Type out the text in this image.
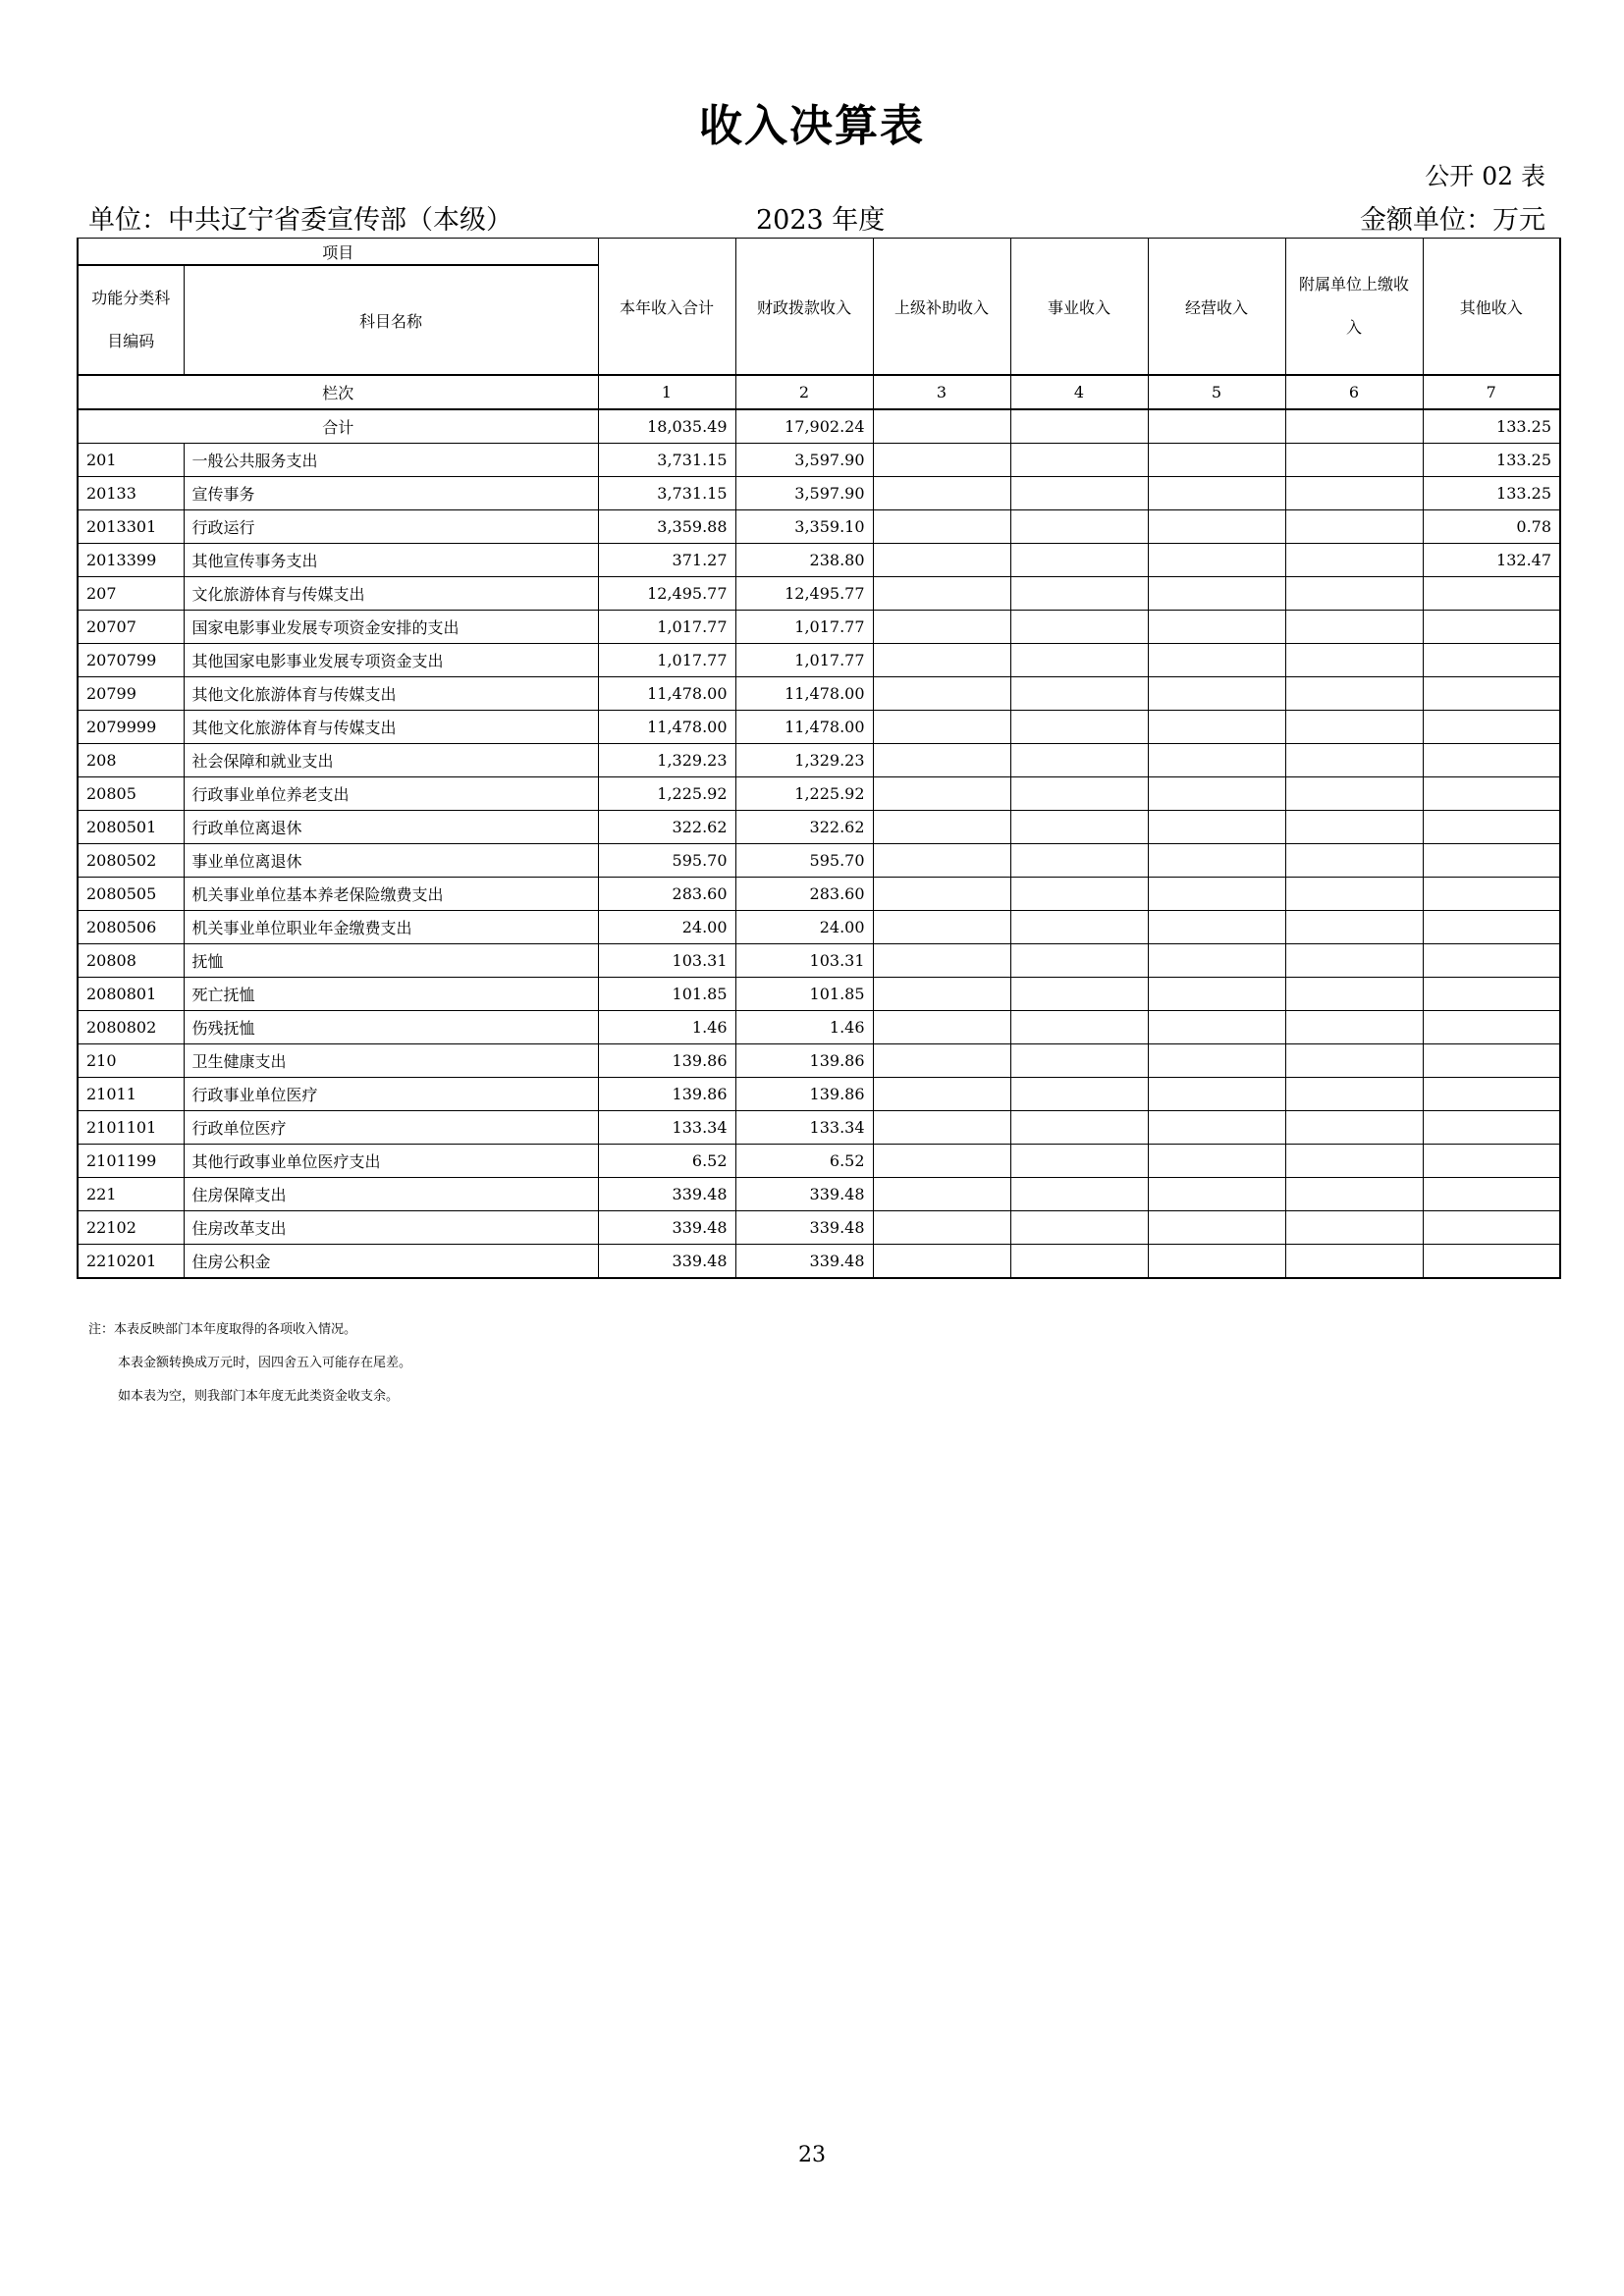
收入决算表
公开 02 表
单位：中共辽宁省委宣传部（本级）	2023 年度	金额单位：万元
项目		本年收入合计	财政拨款收入	上级补助收入	事业收入	经营收入	附属单位上缴收
入	其他收入

功能分类科
目编码	科目名称							
栏次		1	2	3	4	5	6	7
合计		18,035.49	17,902.24					133.25
201	一般公共服务支出	3,731.15	3,597.90					133.25
20133	宣传事务	3,731.15	3,597.90					133.25
2013301	行政运行	3,359.88	3,359.10					0.78
2013399	其他宣传事务支出	371.27	238.80					132.47
207	文化旅游体育与传媒支出	12,495.77	12,495.77					
20707	国家电影事业发展专项资金安排的支出	1,017.77	1,017.77					
2070799	其他国家电影事业发展专项资金支出	1,017.77	1,017.77					
20799	其他文化旅游体育与传媒支出	11,478.00	11,478.00					
2079999	其他文化旅游体育与传媒支出	11,478.00	11,478.00					
208	社会保障和就业支出	1,329.23	1,329.23					
20805	行政事业单位养老支出	1,225.92	1,225.92					
2080501	行政单位离退休	322.62	322.62					
2080502	事业单位离退休	595.70	595.70					
2080505	机关事业单位基本养老保险缴费支出	283.60	283.60					
2080506	机关事业单位职业年金缴费支出	24.00	24.00					
20808	抚恤	103.31	103.31					
2080801	死亡抚恤	101.85	101.85					
2080802	伤残抚恤	1.46	1.46					
210	卫生健康支出	139.86	139.86					
21011	行政事业单位医疗	139.86	139.86					
2101101	行政单位医疗	133.34	133.34					
2101199	其他行政事业单位医疗支出	6.52	6.52					
221	住房保障支出	339.48	339.48					
22102	住房改革支出	339.48	339.48					
2210201	住房公积金	339.48	339.48					
注：本表反映部门本年度取得的各项收入情况。
本表金额转换成万元时，因四舍五入可能存在尾差。
如本表为空，则我部门本年度无此类资金收支余。
23
